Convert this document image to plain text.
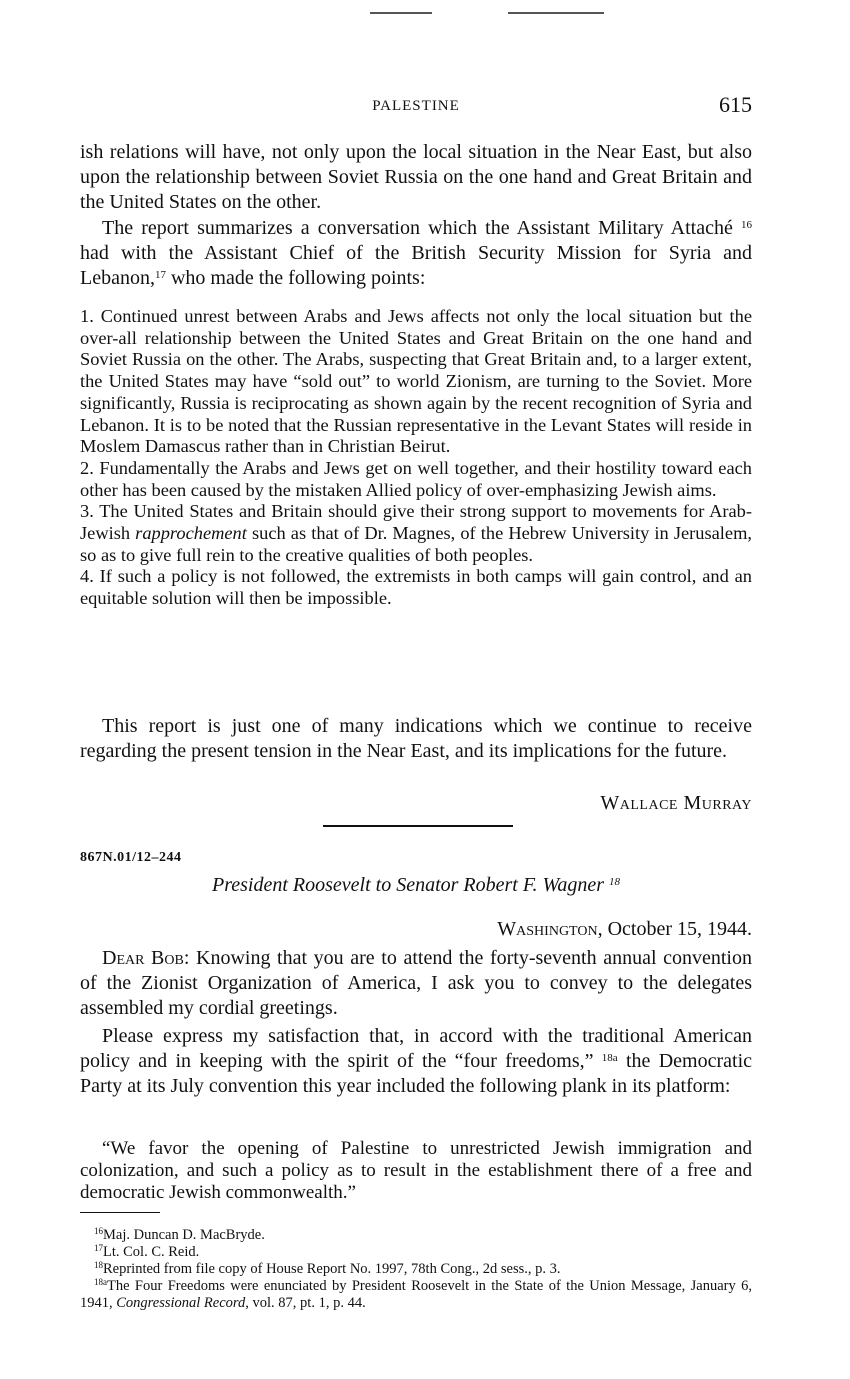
PALESTINE	615

ish relations will have, not only upon the local situation in the Near East, but also upon the relationship between Soviet Russia on the one hand and Great Britain and the United States on the other.

The report summarizes a conversation which the Assistant Military Attaché $^{16}$ had with the Assistant Chief of the British Security Mission for Syria and Lebanon,$^{17}$ who made the following points:

1. Continued unrest between Arabs and Jews affects not only the local situation but the over-all relationship between the United States and Great Britain on the one hand and Soviet Russia on the other. The Arabs, suspecting that Great Britain and, to a larger extent, the United States may have “sold out” to world Zionism, are turning to the Soviet. More significantly, Russia is reciprocating as shown again by the recent recognition of Syria and Lebanon. It is to be noted that the Russian representative in the Levant States will reside in Moslem Damascus rather than in Christian Beirut.

2. Fundamentally the Arabs and Jews get on well together, and their hostility toward each other has been caused by the mistaken Allied policy of over-emphasizing Jewish aims.

3. The United States and Britain should give their strong support to movements for Arab-Jewish rapprochement such as that of Dr. Magnes, of the Hebrew University in Jerusalem, so as to give full rein to the creative qualities of both peoples.

4. If such a policy is not followed, the extremists in both camps will gain control, and an equitable solution will then be impossible.

This report is just one of many indications which we continue to receive regarding the present tension in the Near East, and its implications for the future.

Wallace Murray
867N.01/12–244
President Roosevelt to Senator Robert F. Wagner $^{18}$
Washington, October 15, 1944.

Dear Bob: Knowing that you are to attend the forty-seventh annual convention of the Zionist Organization of America, I ask you to convey to the delegates assembled my cordial greetings.

Please express my satisfaction that, in accord with the traditional American policy and in keeping with the spirit of the “four freedoms,” $^{18a}$ the Democratic Party at its July convention this year included the following plank in its platform:

“We favor the opening of Palestine to unrestricted Jewish immigration and colonization, and such a policy as to result in the establishment there of a free and democratic Jewish commonwealth.”

$^{16}$Maj. Duncan D. MacBryde.

$^{17}$Lt. Col. C. Reid.

$^{18}$Reprinted from file copy of House Report No. 1997, 78th Cong., 2d sess., p. 3.

$^{18a}$The Four Freedoms were enunciated by President Roosevelt in the State of the Union Message, January 6, 1941, Congressional Record, vol. 87, pt. 1, p. 44.
